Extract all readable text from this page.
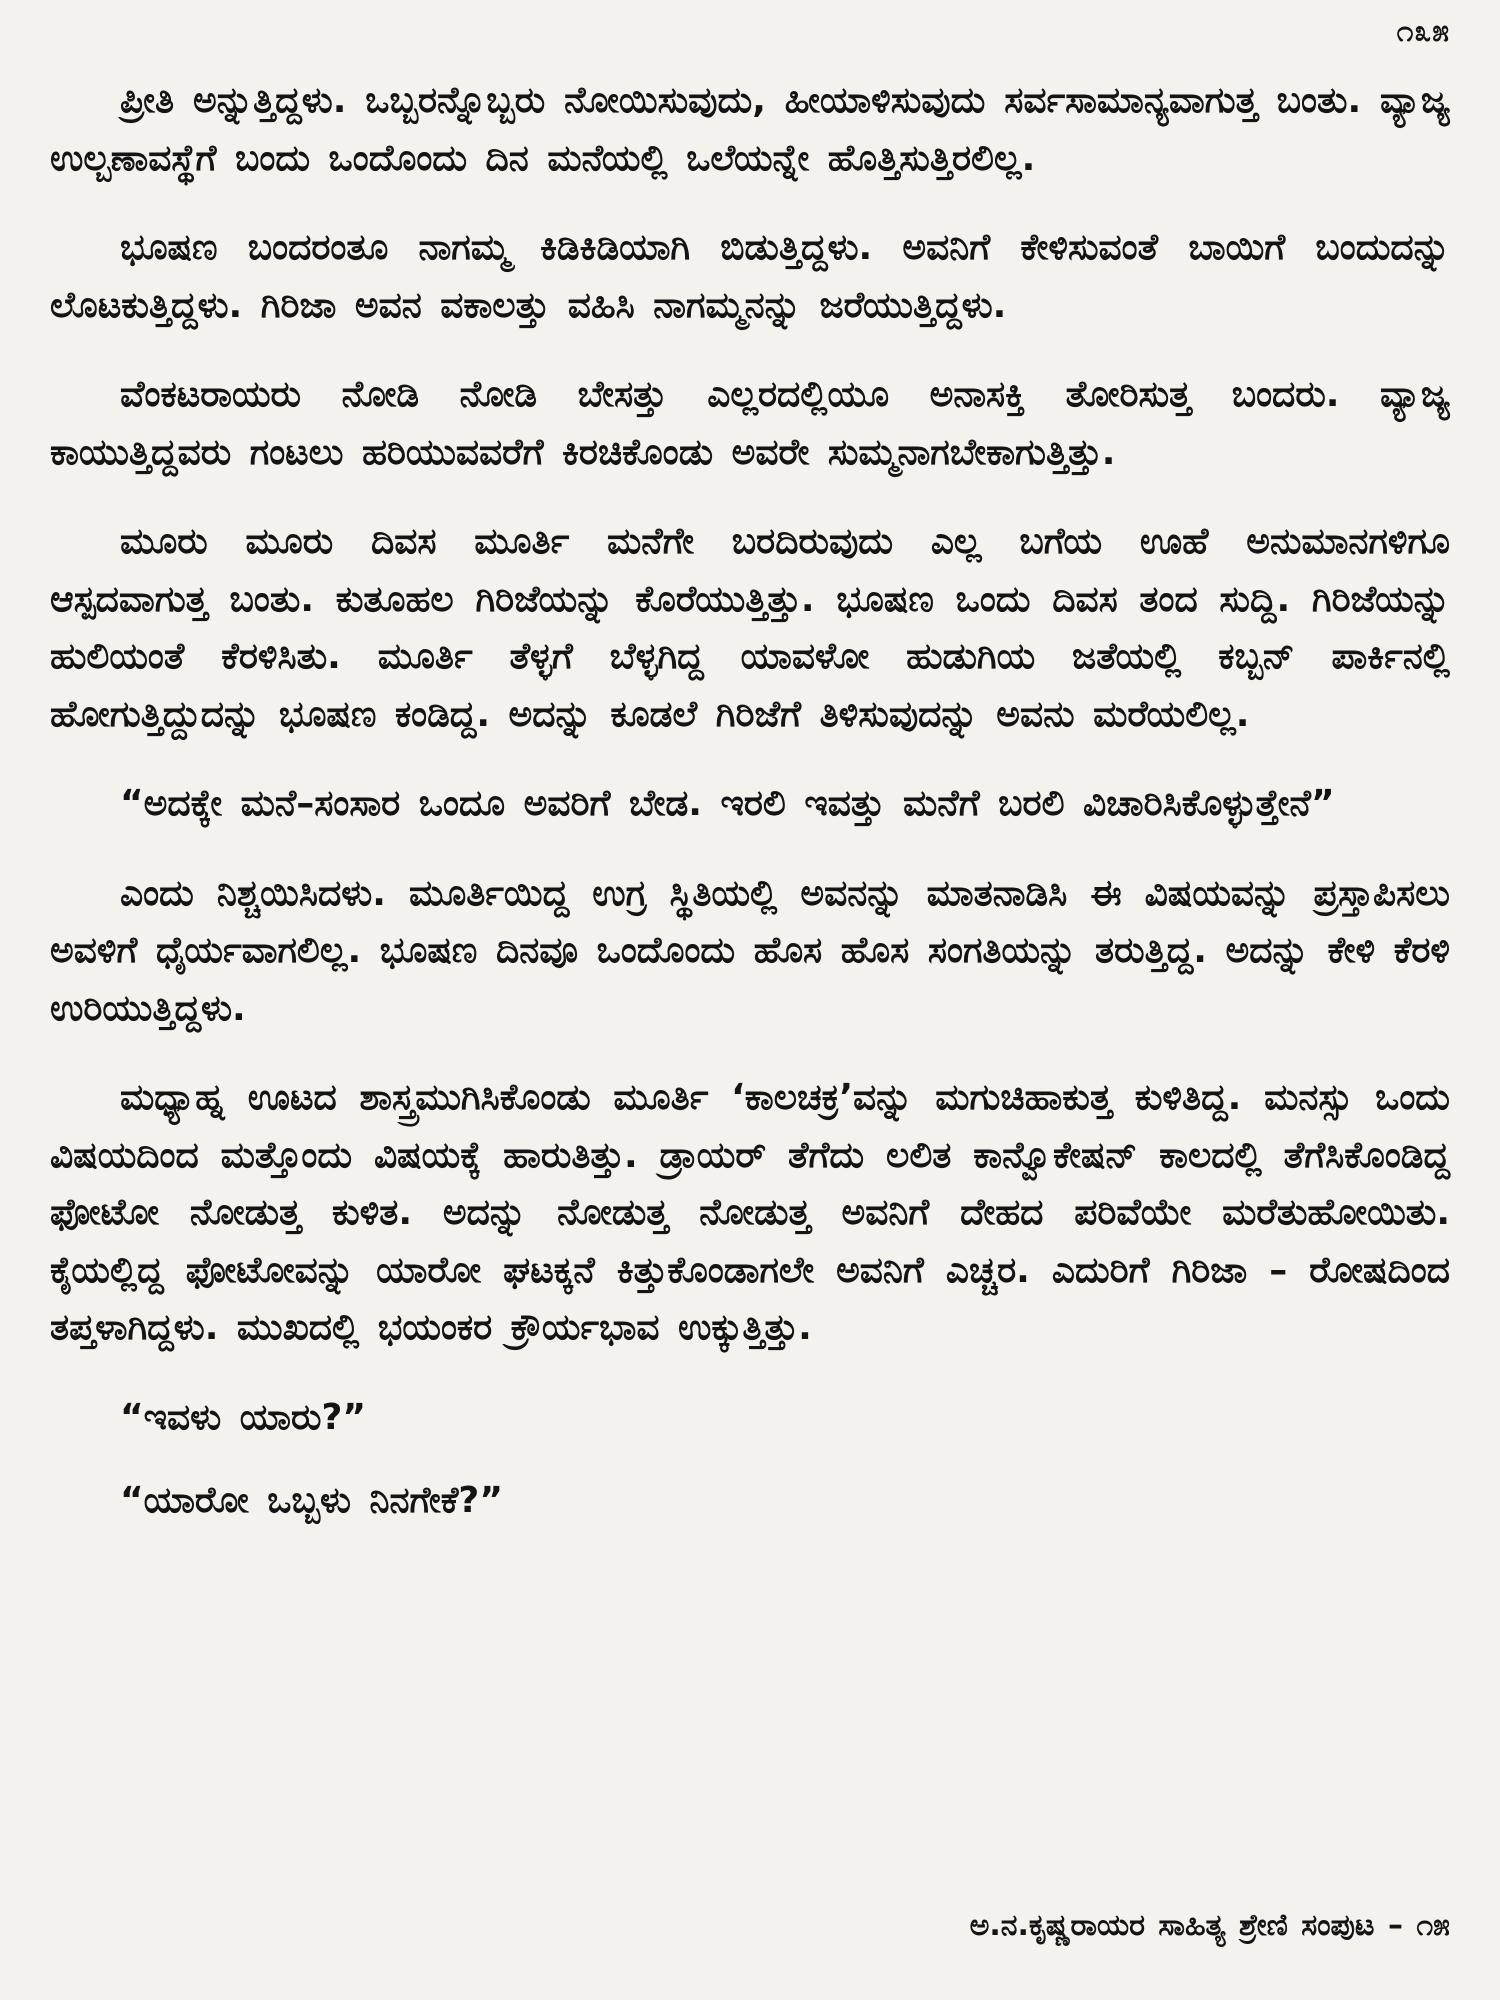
೧೩೫

ಪ್ರೀತಿ ಅನ್ನುತ್ತಿದ್ದಳು. ಒಬ್ಬರನ್ನೊಬ್ಬರು ನೋಯಿಸುವುದು, ಹೀಯಾಳಿಸುವುದು ಸರ್ವಸಾಮಾನ್ಯವಾಗುತ್ತ ಬಂತು. ವ್ಯಾಜ್ಯ ಉಲ್ಬಣಾವಸ್ಥೆಗೆ ಬಂದು ಒಂದೊಂದು ದಿನ ಮನೆಯಲ್ಲಿ ಒಲೆಯನ್ನೇ ಹೊತ್ತಿಸುತ್ತಿರಲಿಲ್ಲ.

ಭೂಷಣ ಬಂದರಂತೂ ನಾಗಮ್ಮ ಕಿಡಿಕಿಡಿಯಾಗಿ ಬಿಡುತ್ತಿದ್ದಳು. ಅವನಿಗೆ ಕೇಳಿಸುವಂತೆ ಬಾಯಿಗೆ ಬಂದುದನ್ನು ಲೊಟಕುತ್ತಿದ್ದಳು. ಗಿರಿಜಾ ಅವನ ವಕಾಲತ್ತು ವಹಿಸಿ ನಾಗಮ್ಮನನ್ನು ಜರೆಯುತ್ತಿದ್ದಳು.

ವೆಂಕಟರಾಯರು ನೋಡಿ ನೋಡಿ ಬೇಸತ್ತು ಎಲ್ಲರದಲ್ಲಿಯೂ ಅನಾಸಕ್ತಿ ತೋರಿಸುತ್ತ ಬಂದರು. ವ್ಯಾಜ್ಯ ಕಾಯುತ್ತಿದ್ದವರು ಗಂಟಲು ಹರಿಯುವವರೆಗೆ ಕಿರಚಿಕೊಂಡು ಅವರೇ ಸುಮ್ಮನಾಗಬೇಕಾಗುತ್ತಿತ್ತು.

ಮೂರು ಮೂರು ದಿವಸ ಮೂರ್ತಿ ಮನೆಗೇ ಬರದಿರುವುದು ಎಲ್ಲ ಬಗೆಯ ಊಹೆ ಅನುಮಾನಗಳಿಗೂ ಆಸ್ಪದವಾಗುತ್ತ ಬಂತು. ಕುತೂಹಲ ಗಿರಿಜೆಯನ್ನು ಕೊರೆಯುತ್ತಿತ್ತು. ಭೂಷಣ ಒಂದು ದಿವಸ ತಂದ ಸುದ್ದಿ. ಗಿರಿಜೆಯನ್ನು ಹುಲಿಯಂತೆ ಕೆರಳಿಸಿತು. ಮೂರ್ತಿ ತೆಳ್ಳಗೆ ಬೆಳ್ಳಗಿದ್ದ ಯಾವಳೋ ಹುಡುಗಿಯ ಜತೆಯಲ್ಲಿ ಕಬ್ಬನ್ ಪಾರ್ಕಿನಲ್ಲಿ ಹೋಗುತ್ತಿದ್ದುದನ್ನು ಭೂಷಣ ಕಂಡಿದ್ದ. ಅದನ್ನು ಕೂಡಲೆ ಗಿರಿಜೆಗೆ ತಿಳಿಸುವುದನ್ನು ಅವನು ಮರೆಯಲಿಲ್ಲ.

“ಅದಕ್ಕೇ ಮನೆ–ಸಂಸಾರ ಒಂದೂ ಅವರಿಗೆ ಬೇಡ. ಇರಲಿ ಇವತ್ತು ಮನೆಗೆ ಬರಲಿ ವಿಚಾರಿಸಿಕೊಳ್ಳುತ್ತೇನೆ”

ಎಂದು ನಿಶ್ಚಯಿಸಿದಳು. ಮೂರ್ತಿಯಿದ್ದ ಉಗ್ರ ಸ್ಥಿತಿಯಲ್ಲಿ ಅವನನ್ನು ಮಾತನಾಡಿಸಿ ಈ ವಿಷಯವನ್ನು ಪ್ರಸ್ತಾಪಿಸಲು ಅವಳಿಗೆ ಧೈರ್ಯವಾಗಲಿಲ್ಲ. ಭೂಷಣ ದಿನವೂ ಒಂದೊಂದು ಹೊಸ ಹೊಸ ಸಂಗತಿಯನ್ನು ತರುತ್ತಿದ್ದ. ಅದನ್ನು ಕೇಳಿ ಕೆರಳಿ ಉರಿಯುತ್ತಿದ್ದಳು.

ಮಧ್ಯಾಹ್ನ ಊಟದ ಶಾಸ್ತ್ರಮುಗಿಸಿಕೊಂಡು ಮೂರ್ತಿ ‘ಕಾಲಚಕ್ರ’ವನ್ನು ಮಗುಚಿಹಾಕುತ್ತ ಕುಳಿತಿದ್ದ. ಮನಸ್ಸು ಒಂದು ವಿಷಯದಿಂದ ಮತ್ತೊಂದು ವಿಷಯಕ್ಕೆ ಹಾರುತಿತ್ತು. ಡ್ರಾಯರ್ ತೆಗೆದು ಲಲಿತ ಕಾನ್ವೊಕೇಷನ್ ಕಾಲದಲ್ಲಿ ತೆಗೆಸಿಕೊಂಡಿದ್ದ ಫೋಟೋ ನೋಡುತ್ತ ಕುಳಿತ. ಅದನ್ನು ನೋಡುತ್ತ ನೋಡುತ್ತ ಅವನಿಗೆ ದೇಹದ ಪರಿವೆಯೇ ಮರೆತುಹೋಯಿತು. ಕೈಯಲ್ಲಿದ್ದ ಫೋಟೋವನ್ನು ಯಾರೋ ಘಟಕ್ಕನೆ ಕಿತ್ತುಕೊಂಡಾಗಲೇ ಅವನಿಗೆ ಎಚ್ಚರ. ಎದುರಿಗೆ ಗಿರಿಜಾ – ರೋಷದಿಂದ ತಪ್ತಳಾಗಿದ್ದಳು. ಮುಖದಲ್ಲಿ ಭಯಂಕರ ಕ್ರೌರ್ಯಭಾವ ಉಕ್ಕುತ್ತಿತ್ತು.

“ಇವಳು ಯಾರು?”

“ಯಾರೋ ಒಬ್ಬಳು ನಿನಗೇಕೆ?”

ಅ.ನ.ಕೃಷ್ಣರಾಯರ ಸಾಹಿತ್ಯ ಶ್ರೇಣಿ ಸಂಪುಟ – ೧೫
